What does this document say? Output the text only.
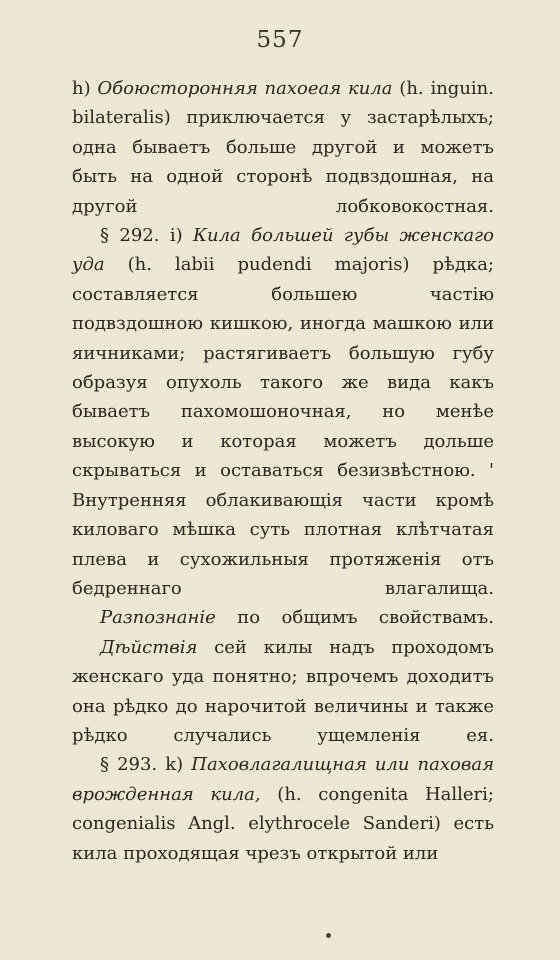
557

h) Обоюсторонняя пахоеая кила (h. inguin. bilateralis) приключается у застарѣлыхъ; одна бываетъ больше другой и можетъ быть на одной сторонѣ подвздошная, на другой лобковокостная.

§ 292. i) Кила большей губы женскаго уда (h. labii pudendi majoris) рѣдка; составляется большею частію подвздошною кишкою, иногда машкою или яичниками; растягиваетъ большую губу образуя опухоль такого же вида какъ бываетъ пахомошоночная, но менѣе высокую и которая можетъ дольше скрываться и оставаться безизвѣстною. ' Внутренняя облакивающія части кромѣ киловаго мѣшка суть плотная клѣтчатая плева и сухожильныя протяженія отъ бедреннаго влагалища.

Разпознаніе по общимъ свойствамъ.

Дѣйствія сей килы надъ проходомъ женскаго уда понятно; впрочемъ доходитъ она рѣдко до нарочитой величины и также рѣдко случались ущемленія ея.

§ 293. k) Паховлагалищная или паховая врожденная кила, (h. congenita Halleri; congenialis Angl. elythrocele Sanderi) есть кила проходящая чрезъ открытой или
